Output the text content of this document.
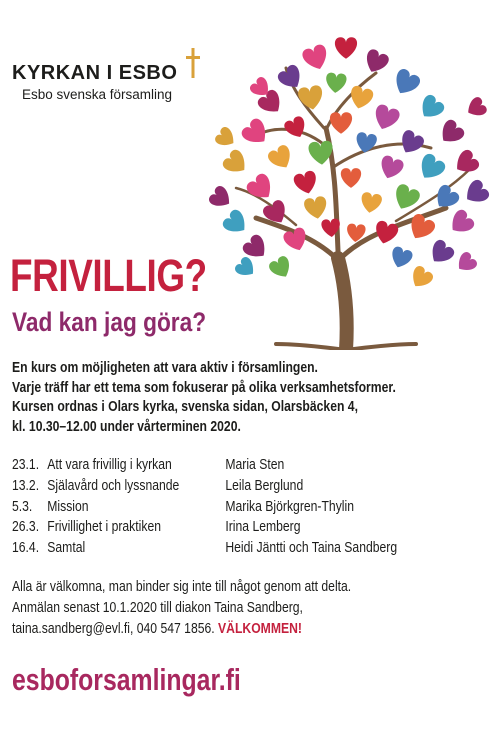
KYRKAN I ESBO
Esbo svenska församling
FRIVILLIG?
Vad kan jag göra?
En kurs om möjligheten att vara aktiv i församlingen.
Varje träff har ett tema som fokuserar på olika verksamhetsformer.
Kursen ordnas i Olars kyrka, svenska sidan, Olarsbäcken 4,
kl. 10.30–12.00 under vårterminen 2020.
23.1. Att vara frivillig i kyrkan	Maria Sten
13.2. Själavård och lyssnande	Leila Berglund
5.3.	Mission	Marika Björkgren-Thylin
26.3. Frivillighet i praktiken	Irina Lemberg
16.4. Samtal	Heidi Jäntti och Taina Sandberg
Alla är välkomna, man binder sig inte till något genom att delta.
Anmälan senast 10.1.2020 till diakon Taina Sandberg,
taina.sandberg@evl.fi, 040 547 1856. VÄLKOMMEN!
esboforsamlingar.fi
